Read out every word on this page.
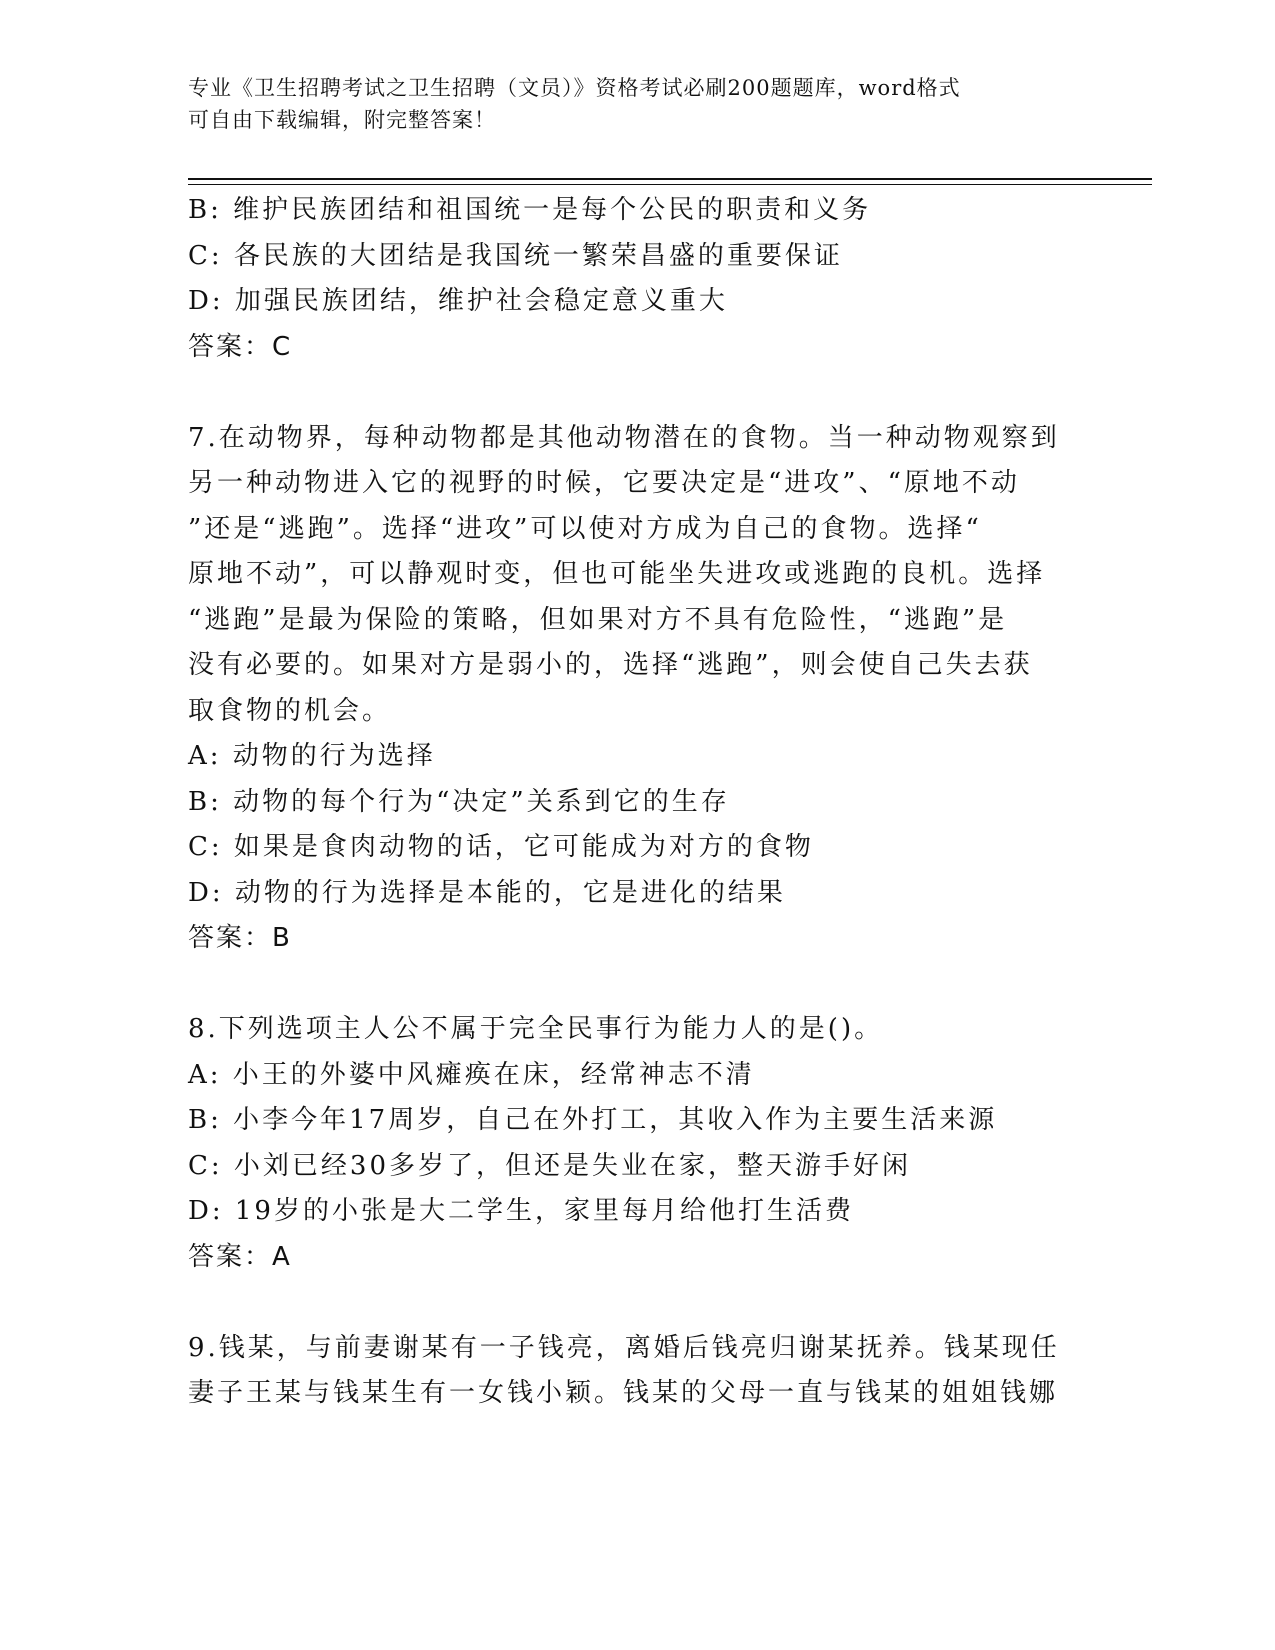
专业《卫生招聘考试之卫生招聘（文员）》资格考试必刷200题题库，word格式
可自由下载编辑，附完整答案！
B: 维护民族团结和祖国统一是每个公民的职责和义务
C: 各民族的大团结是我国统一繁荣昌盛的重要保证
D: 加强民族团结，维护社会稳定意义重大
答案：C
7.在动物界，每种动物都是其他动物潜在的食物。当一种动物观察到
另一种动物进入它的视野的时候，它要决定是“进攻”、“原地不动
”还是“逃跑”。选择“进攻”可以使对方成为自己的食物。选择“
原地不动”，可以静观时变，但也可能坐失进攻或逃跑的良机。选择
“逃跑”是最为保险的策略，但如果对方不具有危险性，“逃跑”是
没有必要的。如果对方是弱小的，选择“逃跑”，则会使自己失去获
取食物的机会。
A: 动物的行为选择
B: 动物的每个行为“决定”关系到它的生存
C: 如果是食肉动物的话，它可能成为对方的食物
D: 动物的行为选择是本能的，它是进化的结果
答案：B
8.下列选项主人公不属于完全民事行为能力人的是()。
A: 小王的外婆中风瘫痪在床，经常神志不清
B: 小李今年17周岁，自己在外打工，其收入作为主要生活来源
C: 小刘已经30多岁了，但还是失业在家，整天游手好闲
D: 19岁的小张是大二学生，家里每月给他打生活费
答案：A
9.钱某，与前妻谢某有一子钱亮，离婚后钱亮归谢某抚养。钱某现任
妻子王某与钱某生有一女钱小颖。钱某的父母一直与钱某的姐姐钱娜
